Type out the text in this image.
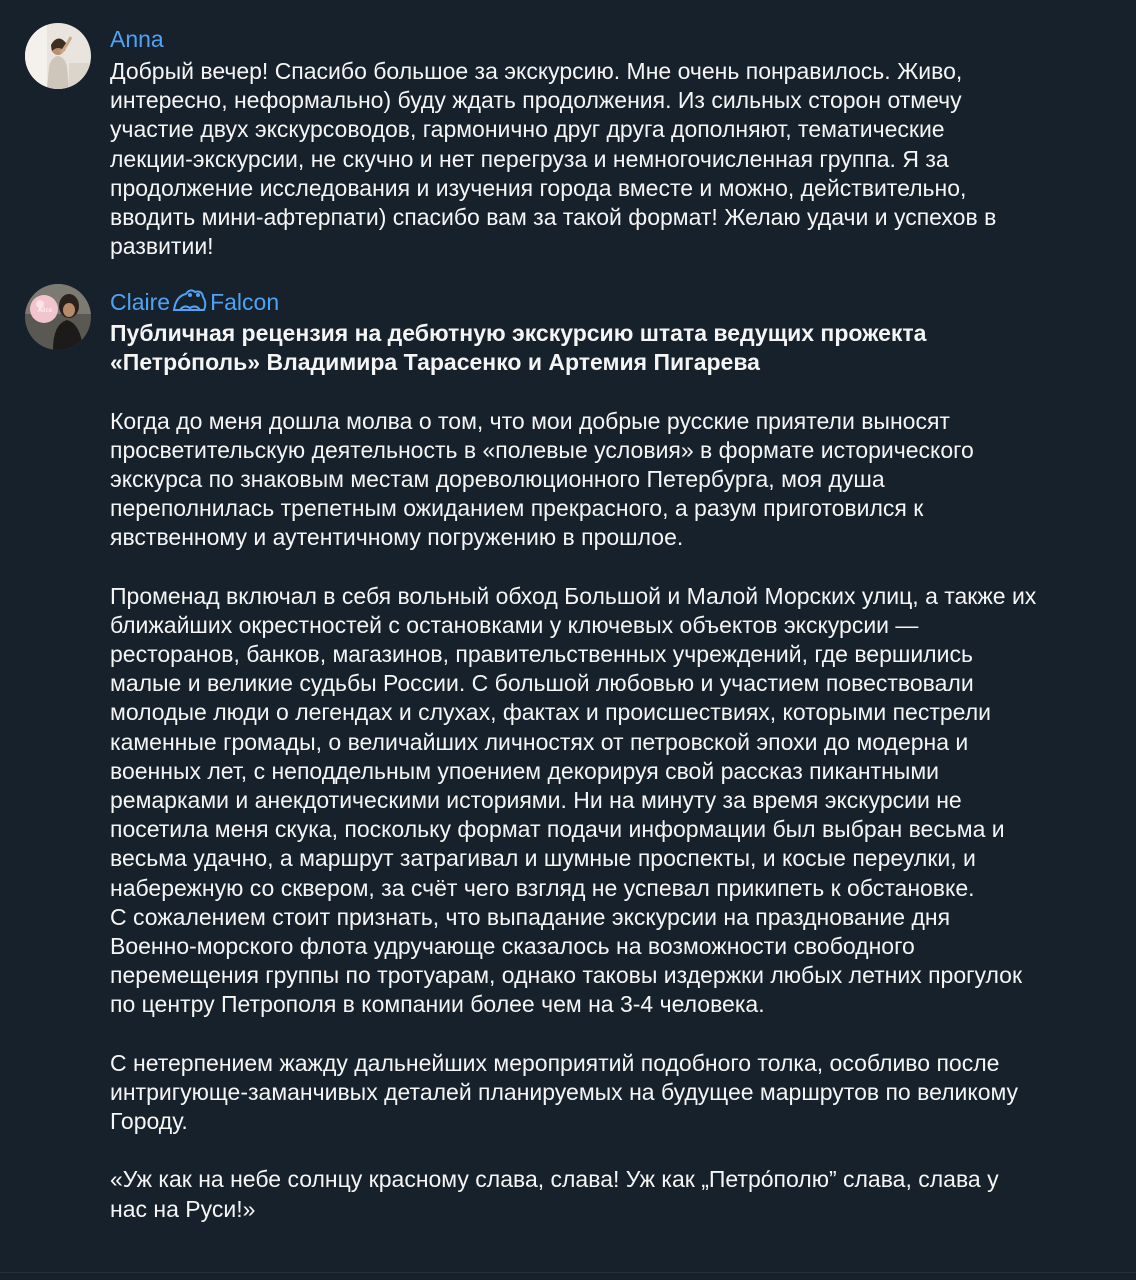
Anna
Добрый вечер! Спасибо большое за экскурсию. Мне очень понравилось. Живо,
интересно, неформально) буду ждать продолжения. Из сильных сторон отмечу
участие двух экскурсоводов, гармонично друг друга дополняют, тематические
лекции-экскурсии, не скучно и нет перегруза и немногочисленная группа. Я за
продолжение исследования и изучения города вместе и можно, действительно,
вводить мини-афтерпати) спасибо вам за такой формат! Желаю удачи и успехов в
развитии!
Alice	Claire Falcon
Публичная рецензия на дебютную экскурсию штата ведущих прожекта
«Петро́поль» Владимира Тарасенко и Артемия Пигарева
Когда до меня дошла молва о том, что мои добрые русские приятели выносят
просветительскую деятельность в «полевые условия» в формате исторического
экскурса по знаковым местам дореволюционного Петербурга, моя душа
переполнилась трепетным ожиданием прекрасного, а разум приготовился к
явственному и аутентичному погружению в прошлое.
Променад включал в себя вольный обход Большой и Малой Морских улиц, а также их
ближайших окрестностей с остановками у ключевых объектов экскурсии —
ресторанов, банков, магазинов, правительственных учреждений, где вершились
малые и великие судьбы России. С большой любовью и участием повествовали
молодые люди о легендах и слухах, фактах и происшествиях, которыми пестрели
каменные громады, о величайших личностях от петровской эпохи до модерна и
военных лет, с неподдельным упоением декорируя свой рассказ пикантными
ремарками и анекдотическими историями. Ни на минуту за время экскурсии не
посетила меня скука, поскольку формат подачи информации был выбран весьма и
весьма удачно, а маршрут затрагивал и шумные проспекты, и косые переулки, и
набережную со сквером, за счёт чего взгляд не успевал прикипеть к обстановке.
С сожалением стоит признать, что выпадание экскурсии на празднование дня
Военно-морского флота удручающе сказалось на возможности свободного
перемещения группы по тротуарам, однако таковы издержки любых летних прогулок
по центру Петрополя в компании более чем на 3-4 человека.
С нетерпением жажду дальнейших мероприятий подобного толка, особливо после
интригующе-заманчивых деталей планируемых на будущее маршрутов по великому
Городу.
«Уж как на небе солнцу красному слава, слава! Уж как „Петро́полю” слава, слава у
нас на Руси!»
